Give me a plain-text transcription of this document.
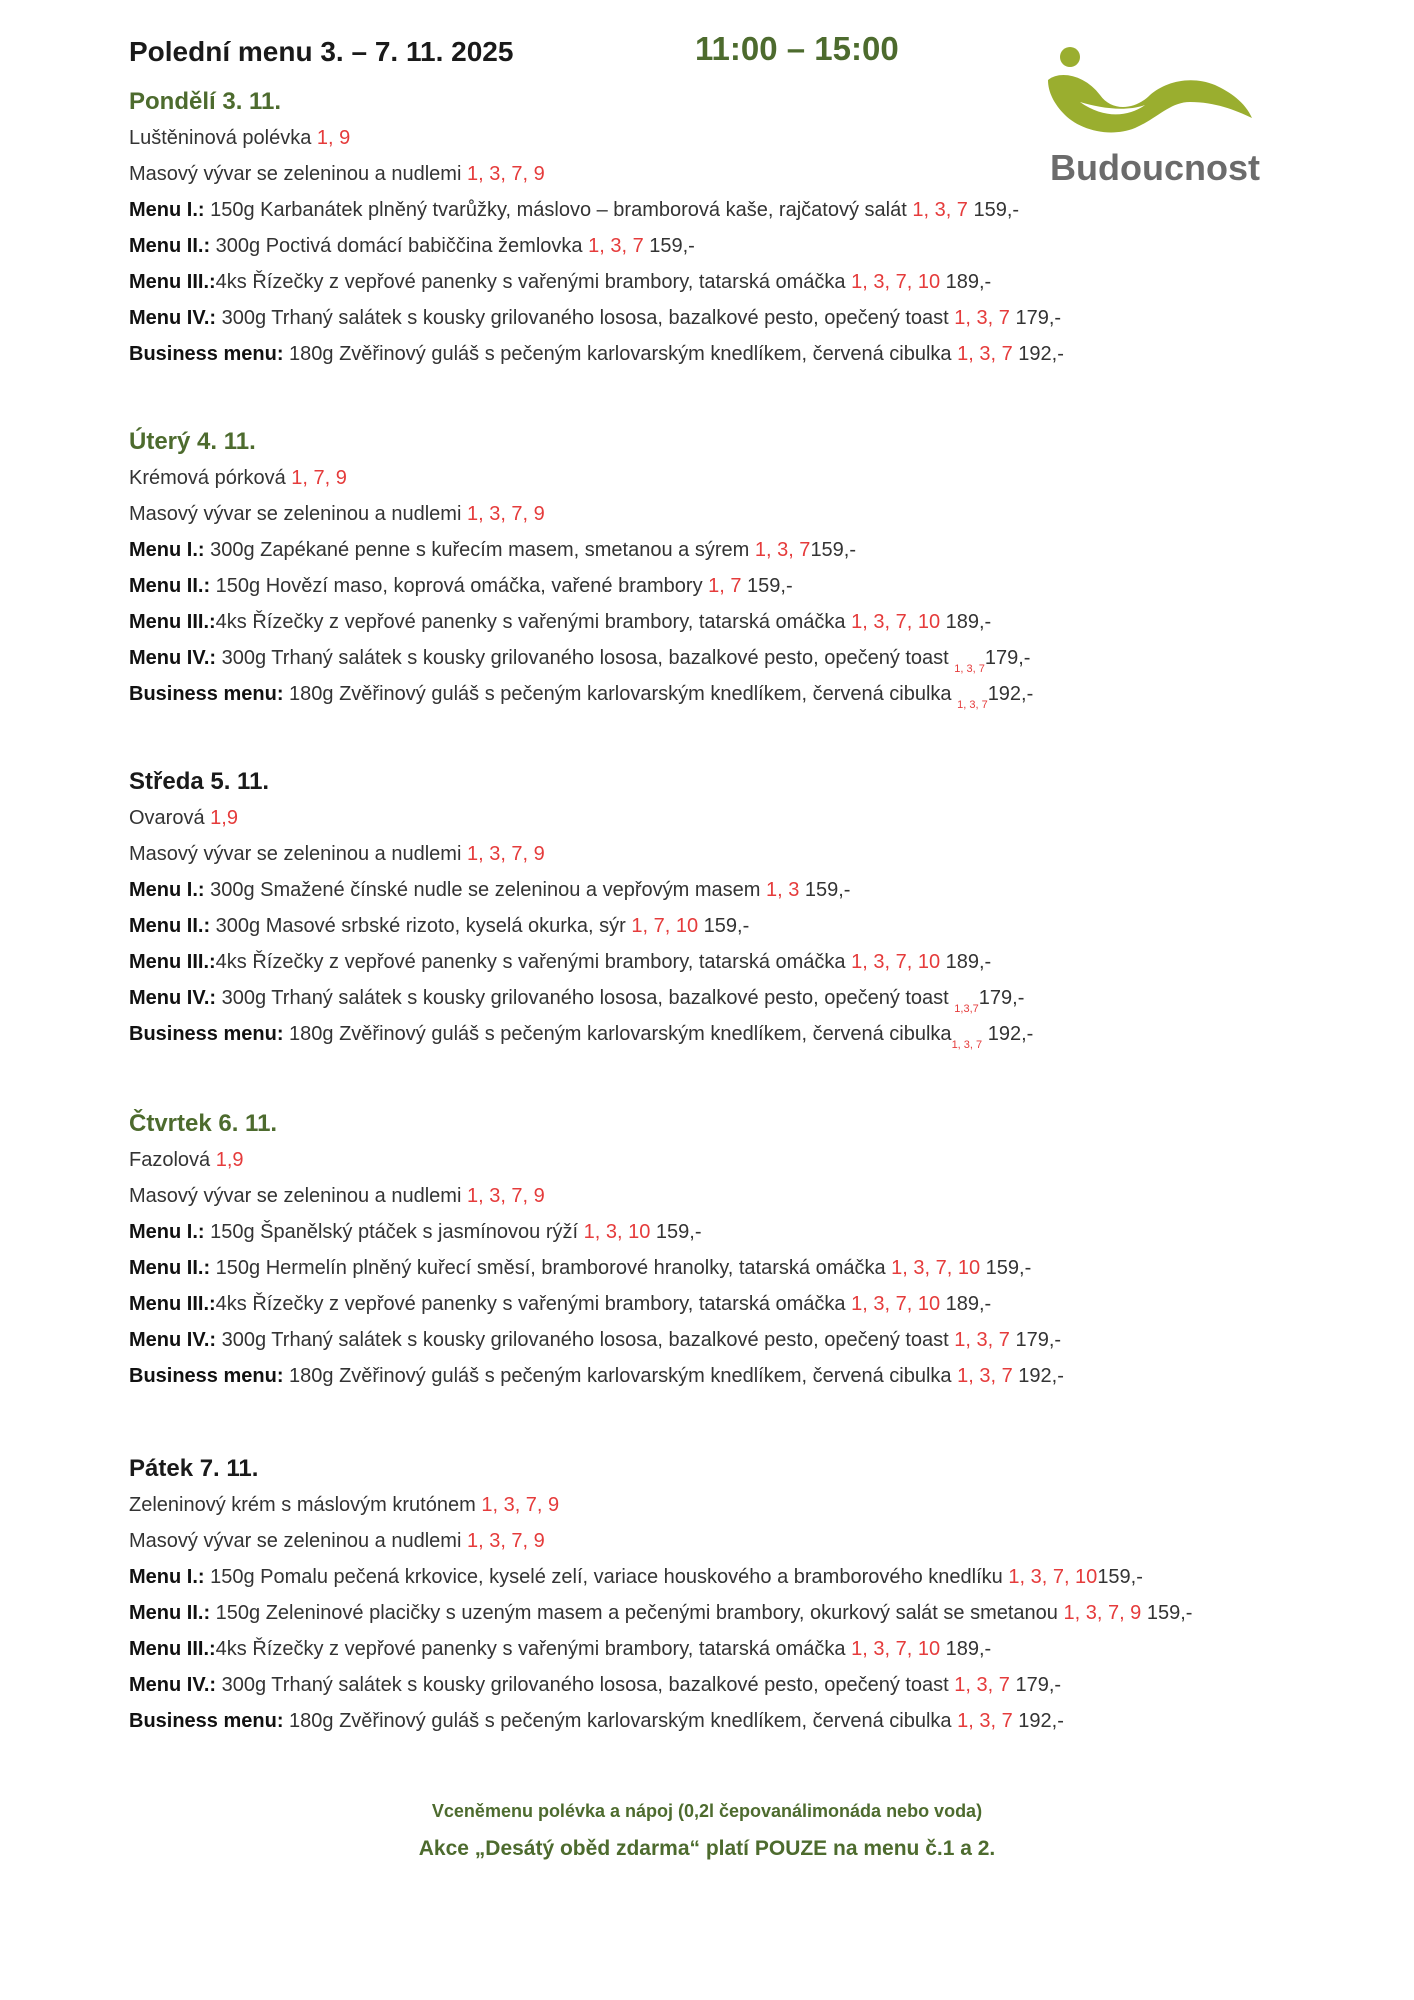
Polední menu 3. – 7. 11. 2025	11:00 – 15:00
Budoucnost
Pondělí 3. 11.
Luštěninová polévka 1, 9
Masový vývar se zeleninou a nudlemi 1, 3, 7, 9
Menu I.: 150g Karbanátek plněný tvarůžky, máslovo – bramborová kaše, rajčatový salát 1, 3, 7 159,-
Menu II.: 300g Poctivá domácí babiččina žemlovka 1, 3, 7 159,-
Menu III.:4ks Řízečky z vepřové panenky s vařenými brambory, tatarská omáčka 1, 3, 7, 10 189,-
Menu IV.: 300g Trhaný salátek s kousky grilovaného lososa, bazalkové pesto, opečený toast 1, 3, 7 179,-
Business menu: 180g Zvěřinový guláš s pečeným karlovarským knedlíkem, červená cibulka 1, 3, 7 192,-
Úterý 4. 11.
Krémová pórková 1, 7, 9
Masový vývar se zeleninou a nudlemi 1, 3, 7, 9
Menu I.: 300g Zapékané penne s kuřecím masem, smetanou a sýrem 1, 3, 7159,-
Menu II.: 150g Hovězí maso, koprová omáčka, vařené brambory 1, 7 159,-
Menu III.:4ks Řízečky z vepřové panenky s vařenými brambory, tatarská omáčka 1, 3, 7, 10 189,-
Menu IV.: 300g Trhaný salátek s kousky grilovaného lososa, bazalkové pesto, opečený toast $_{1, 3, 7}$179,-
Business menu: 180g Zvěřinový guláš s pečeným karlovarským knedlíkem, červená cibulka $_{1, 3, 7}$192,-
Středa 5. 11.
Ovarová 1,9
Masový vývar se zeleninou a nudlemi 1, 3, 7, 9
Menu I.: 300g Smažené čínské nudle se zeleninou a vepřovým masem 1, 3 159,-
Menu II.: 300g Masové srbské rizoto, kyselá okurka, sýr 1, 7, 10 159,-
Menu III.:4ks Řízečky z vepřové panenky s vařenými brambory, tatarská omáčka 1, 3, 7, 10 189,-
Menu IV.: 300g Trhaný salátek s kousky grilovaného lososa, bazalkové pesto, opečený toast $_{1,3,7}$179,-
Business menu: 180g Zvěřinový guláš s pečeným karlovarským knedlíkem, červená cibulka$_{1, 3, 7}$ 192,-
Čtvrtek 6. 11.
Fazolová 1,9
Masový vývar se zeleninou a nudlemi 1, 3, 7, 9
Menu I.: 150g Španělský ptáček s jasmínovou rýží 1, 3, 10 159,-
Menu II.: 150g Hermelín plněný kuřecí směsí, bramborové hranolky, tatarská omáčka 1, 3, 7, 10 159,-
Menu III.:4ks Řízečky z vepřové panenky s vařenými brambory, tatarská omáčka 1, 3, 7, 10 189,-
Menu IV.: 300g Trhaný salátek s kousky grilovaného lososa, bazalkové pesto, opečený toast 1, 3, 7 179,-
Business menu: 180g Zvěřinový guláš s pečeným karlovarským knedlíkem, červená cibulka 1, 3, 7 192,-
Pátek 7. 11.
Zeleninový krém s máslovým krutónem 1, 3, 7, 9
Masový vývar se zeleninou a nudlemi 1, 3, 7, 9
Menu I.: 150g Pomalu pečená krkovice, kyselé zelí, variace houskového a bramborového knedlíku 1, 3, 7, 10159,-
Menu II.: 150g Zeleninové placičky s uzeným masem a pečenými brambory, okurkový salát se smetanou 1, 3, 7, 9 159,-
Menu III.:4ks Řízečky z vepřové panenky s vařenými brambory, tatarská omáčka 1, 3, 7, 10 189,-
Menu IV.: 300g Trhaný salátek s kousky grilovaného lososa, bazalkové pesto, opečený toast 1, 3, 7 179,-
Business menu: 180g Zvěřinový guláš s pečeným karlovarským knedlíkem, červená cibulka 1, 3, 7 192,-
Vceněmenu polévka a nápoj (0,2l čepovanálimonáda nebo voda)
Akce „Desátý oběd zdarma“ platí POUZE na menu č.1 a 2.
